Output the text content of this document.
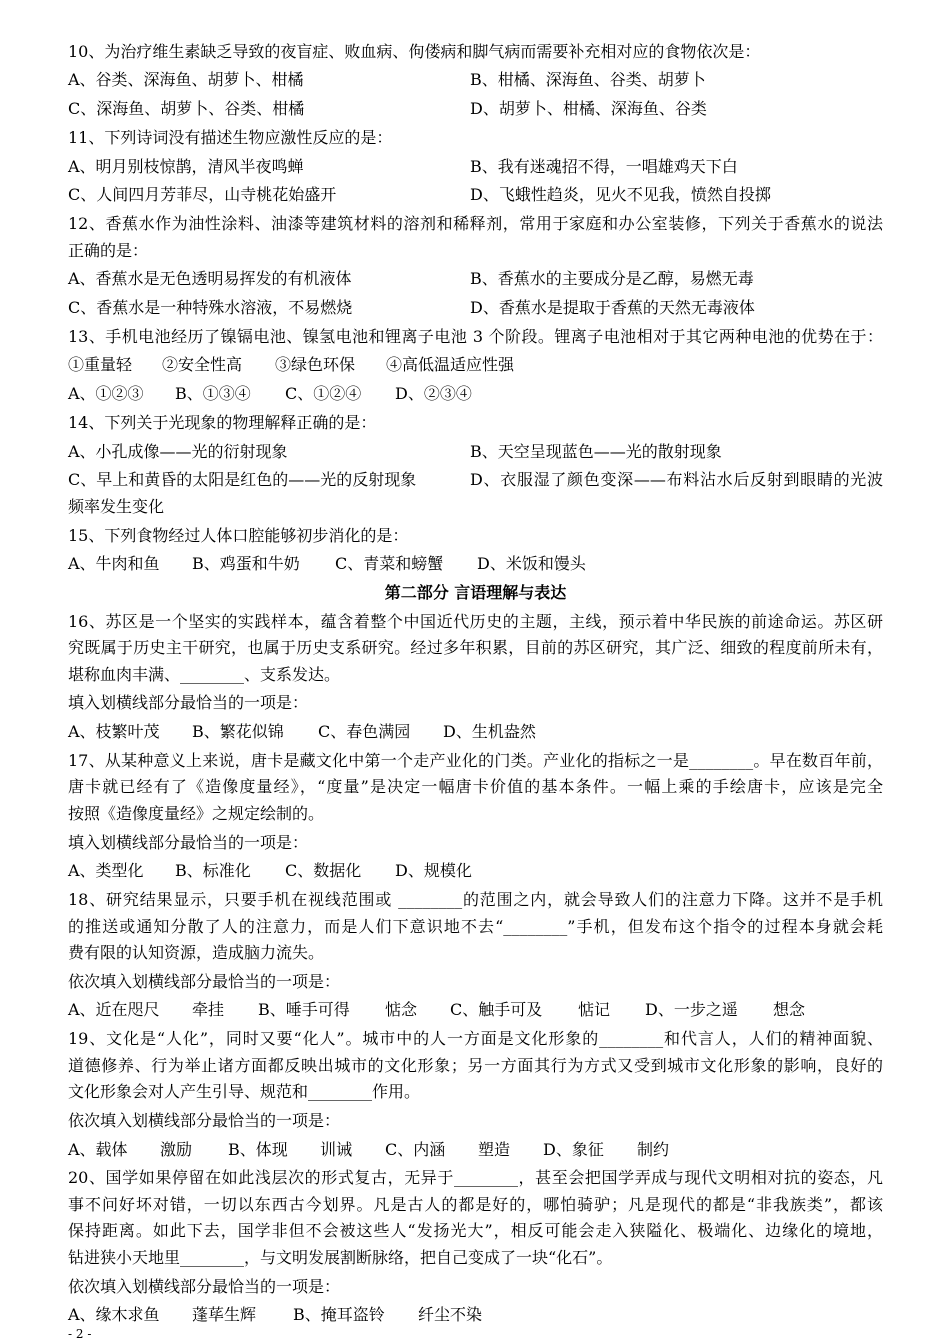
10、为治疗维生素缺乏导致的夜盲症、败血病、佝偻病和脚气病而需要补充相对应的食物依次是：
A、谷类、深海鱼、胡萝卜、柑橘	B、柑橘、深海鱼、谷类、胡萝卜
C、深海鱼、胡萝卜、谷类、柑橘	D、胡萝卜、柑橘、深海鱼、谷类
11、下列诗词没有描述生物应激性反应的是：
A、明月别枝惊鹊，清风半夜鸣蝉	B、我有迷魂招不得，一唱雄鸡天下白
C、人间四月芳菲尽，山寺桃花始盛开	D、飞蛾性趋炎，见火不见我，愤然自投掷
12、香蕉水作为油性涂料、油漆等建筑材料的溶剂和稀释剂，常用于家庭和办公室装修，下列关于香蕉水的说法
正确的是：
A、香蕉水是无色透明易挥发的有机液体	B、香蕉水的主要成分是乙醇，易燃无毒
C、香蕉水是一种特殊水溶液，不易燃烧	D、香蕉水是提取于香蕉的天然无毒液体
13、手机电池经历了镍镉电池、镍氢电池和锂离子电池 3 个阶段。锂离子电池相对于其它两种电池的优势在于：
①重量轻 ②安全性高 ③绿色环保 ④高低温适应性强
A、①②③ B、①③④ C、①②④ D、②③④
14、下列关于光现象的物理解释正确的是：
A、小孔成像——光的衍射现象	B、天空呈现蓝色——光的散射现象
C、早上和黄昏的太阳是红色的——光的反射现象	D、衣服湿了颜色变深——布料沾水后反射到眼睛的光波
频率发生变化
15、下列食物经过人体口腔能够初步消化的是：
A、牛肉和鱼 B、鸡蛋和牛奶 C、青菜和螃蟹 D、米饭和馒头
第二部分 言语理解与表达
16、苏区是一个坚实的实践样本，蕴含着整个中国近代历史的主题，主线，预示着中华民族的前途命运。苏区研
究既属于历史主干研究，也属于历史支系研究。经过多年积累，目前的苏区研究，其广泛、细致的程度前所未有，
堪称血肉丰满、________、支系发达。
填入划横线部分最恰当的一项是：
A、枝繁叶茂 B、繁花似锦 C、春色满园 D、生机盎然
17、从某种意义上来说，唐卡是藏文化中第一个走产业化的门类。产业化的指标之一是________。早在数百年前，
唐卡就已经有了《造像度量经》，“度量”是决定一幅唐卡价值的基本条件。一幅上乘的手绘唐卡，应该是完全
按照《造像度量经》之规定绘制的。
填入划横线部分最恰当的一项是：
A、类型化 B、标准化 C、数据化 D、规模化
18、研究结果显示，只要手机在视线范围或 ________的范围之内，就会导致人们的注意力下降。这并不是手机
的推送或通知分散了人的注意力，而是人们下意识地不去“________”手机，但发布这个指令的过程本身就会耗
费有限的认知资源，造成脑力流失。
依次填入划横线部分最恰当的一项是：
A、近在咫尺 牵挂 B、唾手可得 惦念 C、触手可及 惦记 D、一步之遥 想念
19、文化是“人化”，同时又要“化人”。城市中的人一方面是文化形象的________和代言人，人们的精神面貌、
道德修养、行为举止诸方面都反映出城市的文化形象；另一方面其行为方式又受到城市文化形象的影响，良好的
文化形象会对人产生引导、规范和________作用。
依次填入划横线部分最恰当的一项是：
A、载体 激励 B、体现 训诫 C、内涵 塑造 D、象征 制约
20、国学如果停留在如此浅层次的形式复古，无异于________，甚至会把国学弄成与现代文明相对抗的姿态，凡
事不问好坏对错，一切以东西古今划界。凡是古人的都是好的，哪怕骑驴；凡是现代的都是“非我族类”，都该
保持距离。如此下去，国学非但不会被这些人“发扬光大”，相反可能会走入狭隘化、极端化、边缘化的境地，
钻进狭小天地里________，与文明发展割断脉络，把自己变成了一块“化石”。
依次填入划横线部分最恰当的一项是：
A、缘木求鱼 蓬荜生辉 B、掩耳盗铃 纤尘不染
- 2 -
